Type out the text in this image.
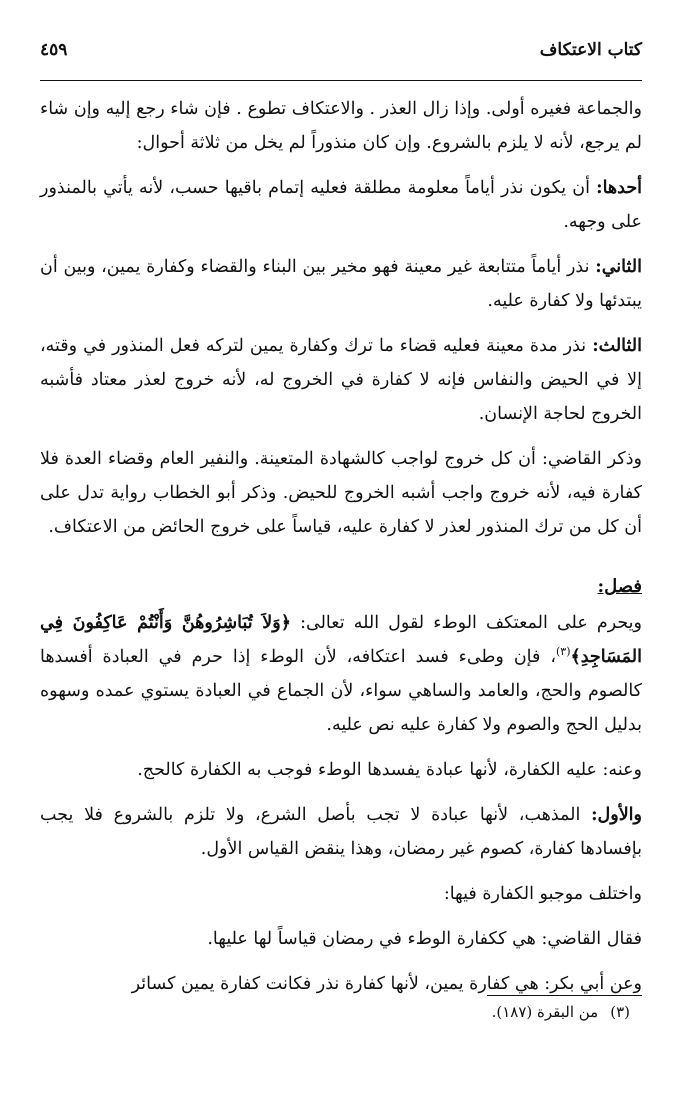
كتاب الاعتكاف
٤٥٩

والجماعة فغيره أولى. وإذا زال العذر . والاعتكاف تطوع . فإن شاء رجع إليه وإن شاء لم يرجع، لأنه لا يلزم بالشروع. وإن كان منذوراً لم يخل من ثلاثة أحوال:

أحدها: أن يكون نذر أياماً معلومة مطلقة فعليه إتمام باقيها حسب، لأنه يأتي بالمنذور على وجهه.

الثاني: نذر أياماً متتابعة غير معينة فهو مخير بين البناء والقضاء وكفارة يمين، وبين أن يبتدئها ولا كفارة عليه.

الثالث: نذر مدة معينة فعليه قضاء ما ترك وكفارة يمين لتركه فعل المنذور في وقته، إلا في الحيض والنفاس فإنه لا كفارة في الخروج له، لأنه خروج لعذر معتاد فأشبه الخروج لحاجة الإنسان.

وذكر القاضي: أن كل خروج لواجب كالشهادة المتعينة. والنفير العام وقضاء العدة فلا كفارة فيه، لأنه خروج واجب أشبه الخروج للحيض. وذكر أبو الخطاب رواية تدل على أن كل من ترك المنذور لعذر لا كفارة عليه، قياساً على خروج الحائض من الاعتكاف.

فصل:

ويحرم على المعتكف الوطء لقول الله تعالى: ﴿وَلاَ تُبَاشِرُوهُنَّ وَأَنْتُمْ عَاكِفُونَ فِي المَسَاجِدِ﴾$^{(٣)}$، فإن وطىء فسد اعتكافه، لأن الوطء إذا حرم في العبادة أفسدها كالصوم والحج، والعامد والساهي سواء، لأن الجماع في العبادة يستوي عمده وسهوه بدليل الحج والصوم ولا كفارة عليه نص عليه.

وعنه: عليه الكفارة، لأنها عبادة يفسدها الوطء فوجب به الكفارة كالحج.

والأول: المذهب، لأنها عبادة لا تجب بأصل الشرع، ولا تلزم بالشروع فلا يجب بإفسادها كفارة، كصوم غير رمضان، وهذا ينقض القياس الأول.

واختلف موجبو الكفارة فيها:

فقال القاضي: هي ككفارة الوطء في رمضان قياساً لها عليها.

وعن أبي بكر: هي كفارة يمين، لأنها كفارة نذر فكانت كفارة يمين كسائر

(٣)من البقرة (١٨٧).
